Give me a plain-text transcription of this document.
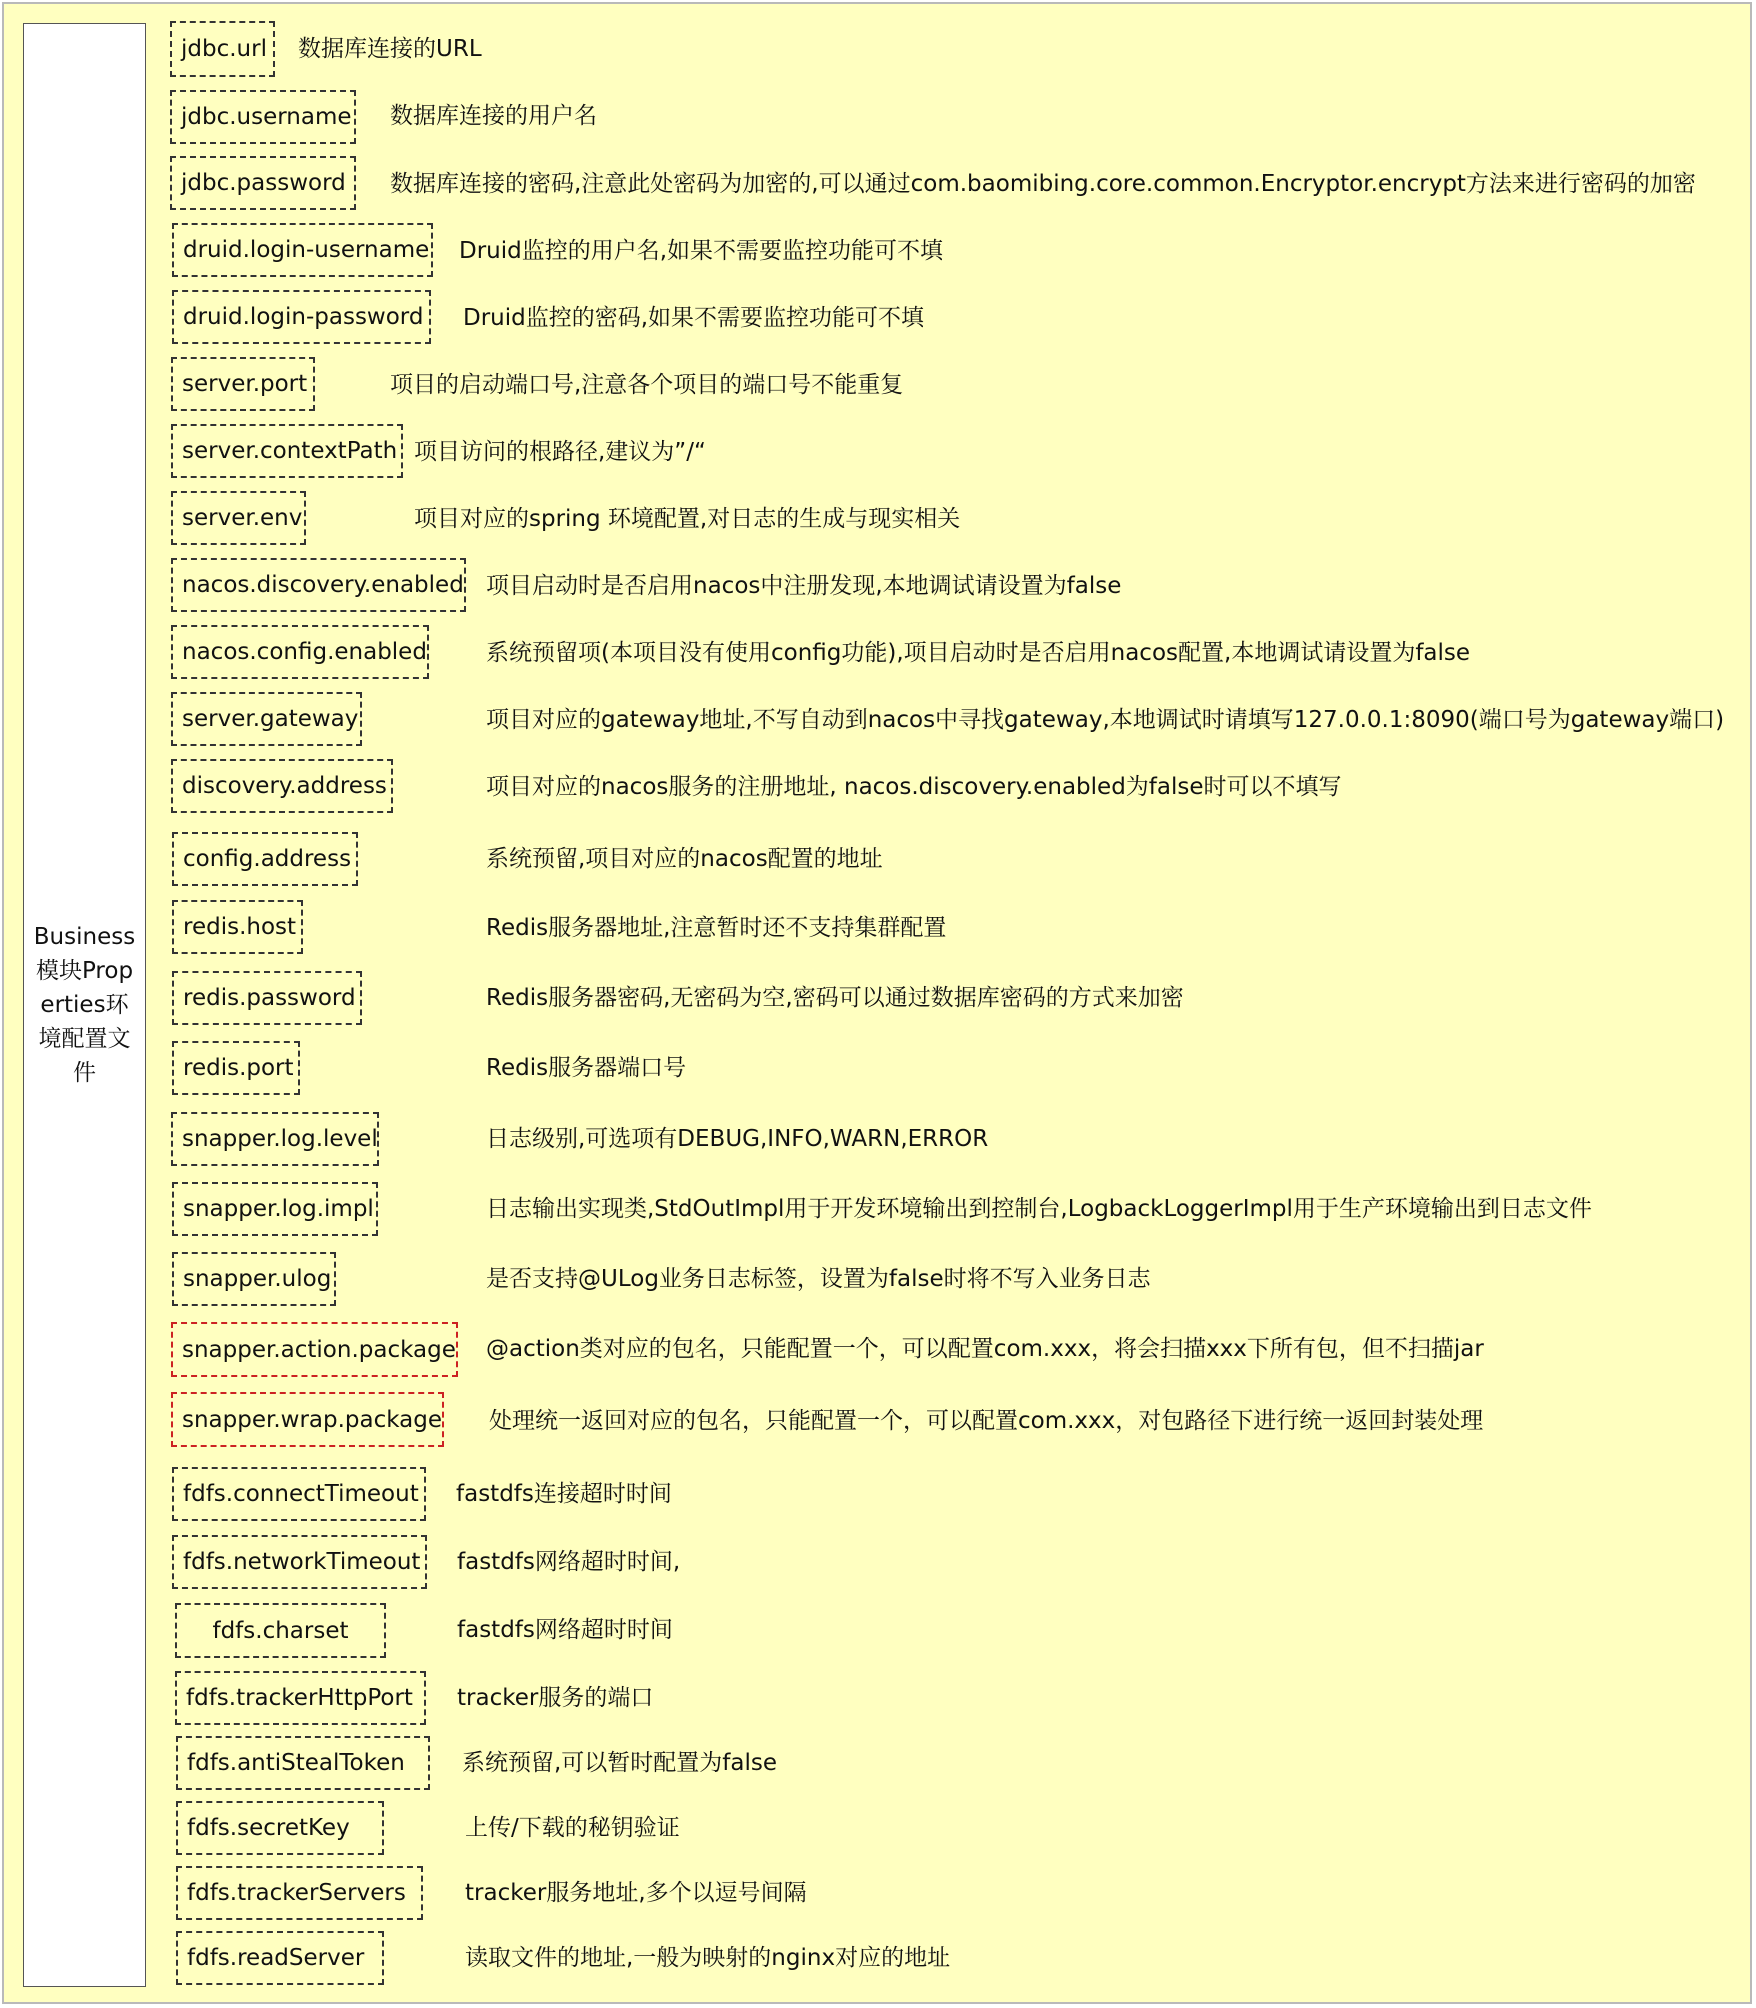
Business模块Properties环境配置文件
jdbc.url	数据库连接的URL
jdbc.username 数据库连接的用户名
jdbc.password	数据库连接的密码,注意此处密码为加密的,可以通过com.baomibing.core.common.Encryptor.encrypt方法来进行密码的加密
druid.login-username Druid监控的用户名,如果不需要监控功能可不填
druid.login-password	Druid监控的密码,如果不需要监控功能可不填
server.port	项目的启动端口号,注意各个项目的端口号不能重复
server.contextPath 项目访问的根路径,建议为”/“
server.env	项目对应的spring 环境配置,对日志的生成与现实相关
nacos.discovery.enabled 项目启动时是否启用nacos中注册发现,本地调试请设置为false
nacos.config.enabled	系统预留项(本项目没有使用config功能),项目启动时是否启用nacos配置,本地调试请设置为false
server.gateway	项目对应的gateway地址,不写自动到nacos中寻找gateway,本地调试时请填写127.0.0.1:8090(端口号为gateway端口)
discovery.address	项目对应的nacos服务的注册地址, nacos.discovery.enabled为false时可以不填写
config.address	系统预留,项目对应的nacos配置的地址
redis.host	Redis服务器地址,注意暂时还不支持集群配置
redis.password	Redis服务器密码,无密码为空,密码可以通过数据库密码的方式来加密
redis.port	Redis服务器端口号
snapper.log.level	日志级别,可选项有DEBUG,INFO,WARN,ERROR
snapper.log.impl	日志输出实现类,StdOutImpl用于开发环境输出到控制台,LogbackLoggerImpl用于生产环境输出到日志文件
snapper.ulog	是否支持@ULog业务日志标签，设置为false时将不写入业务日志
snapper.action.package @action类对应的包名，只能配置一个，可以配置com.xxx，将会扫描xxx下所有包，但不扫描jar
snapper.wrap.package 处理统一返回对应的包名，只能配置一个，可以配置com.xxx，对包路径下进行统一返回封装处理
fdfs.connectTimeout	fastdfs连接超时时间
fdfs.networkTimeout fastdfs网络超时时间,
fdfs.charset	fastdfs网络超时时间
fdfs.trackerHttpPort	tracker服务的端口
fdfs.antiStealToken	系统预留,可以暂时配置为false
fdfs.secretKey	上传/下载的秘钥验证
fdfs.trackerServers	tracker服务地址,多个以逗号间隔
fdfs.readServer	读取文件的地址,一般为映射的nginx对应的地址
